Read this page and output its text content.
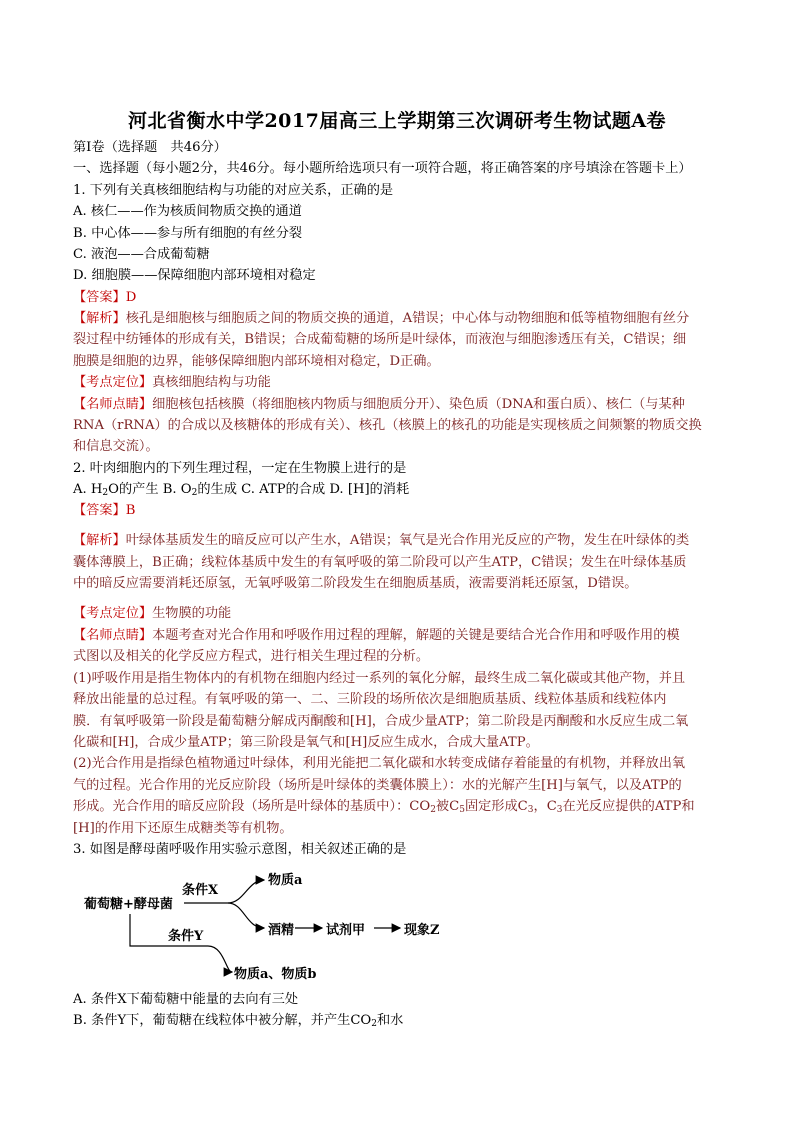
河北省衡水中学2017届高三上学期第三次调研考生物试题A卷
第I卷（选择题　共46分）
一、选择题（每小题2分，共46分。每小题所给选项只有一项符合题，将正确答案的序号填涂在答题卡上）
1. 下列有关真核细胞结构与功能的对应关系，正确的是
A. 核仁——作为核质间物质交换的通道
B. 中心体——参与所有细胞的有丝分裂
C. 液泡——合成葡萄糖
D. 细胞膜——保障细胞内部环境相对稳定
【答案】D
【解析】核孔是细胞核与细胞质之间的物质交换的通道，A错误；中心体与动物细胞和低等植物细胞有丝分
裂过程中纺锤体的形成有关，B错误；合成葡萄糖的场所是叶绿体，而液泡与细胞渗透压有关，C错误；细
胞膜是细胞的边界，能够保障细胞内部环境相对稳定，D正确。
【考点定位】真核细胞结构与功能
【名师点睛】细胞核包括核膜（将细胞核内物质与细胞质分开）、染色质（DNA和蛋白质）、核仁（与某种
RNA（rRNA）的合成以及核糖体的形成有关）、核孔（核膜上的核孔的功能是实现核质之间频繁的物质交换
和信息交流）。
2. 叶肉细胞内的下列生理过程，一定在生物膜上进行的是
A. $H_2O$的产生 B. $O_2$的生成 C. ATP的合成 D. [H]的消耗
【答案】B
【解析】叶绿体基质发生的暗反应可以产生水，A错误；氧气是光合作用光反应的产物，发生在叶绿体的类
囊体薄膜上，B正确；线粒体基质中发生的有氧呼吸的第二阶段可以产生ATP，C错误；发生在叶绿体基质
中的暗反应需要消耗还原氢，无氧呼吸第二阶段发生在细胞质基质，液需要消耗还原氢，D错误。
【考点定位】生物膜的功能
【名师点睛】本题考查对光合作用和呼吸作用过程的理解，解题的关键是要结合光合作用和呼吸作用的模
式图以及相关的化学反应方程式，进行相关生理过程的分析。
(1)呼吸作用是指生物体内的有机物在细胞内经过一系列的氧化分解，最终生成二氧化碳或其他产物，并且
释放出能量的总过程。有氧呼吸的第一、二、三阶段的场所依次是细胞质基质、线粒体基质和线粒体内
膜．有氧呼吸第一阶段是葡萄糖分解成丙酮酸和[H]，合成少量ATP；第二阶段是丙酮酸和水反应生成二氧
化碳和[H]，合成少量ATP；第三阶段是氧气和[H]反应生成水，合成大量ATP。
(2)光合作用是指绿色植物通过叶绿体，利用光能把二氧化碳和水转变成储存着能量的有机物，并释放出氧
气的过程。光合作用的光反应阶段（场所是叶绿体的类囊体膜上）：水的光解产生[H]与氧气，以及ATP的
形成。光合作用的暗反应阶段（场所是叶绿体的基质中）：$CO_2$被$C_5$固定形成$C_3$，$C_3$在光反应提供的ATP和
[H]的作用下还原生成糖类等有机物。
3. 如图是酵母菌呼吸作用实验示意图，相关叙述正确的是
葡萄糖+酵母菌
条件X
条件Y
物质a
酒精 试剂甲	现象Z
物质a、物质b
A. 条件X下葡萄糖中能量的去向有三处
B. 条件Y下，葡萄糖在线粒体中被分解，并产生$CO_2$和水
